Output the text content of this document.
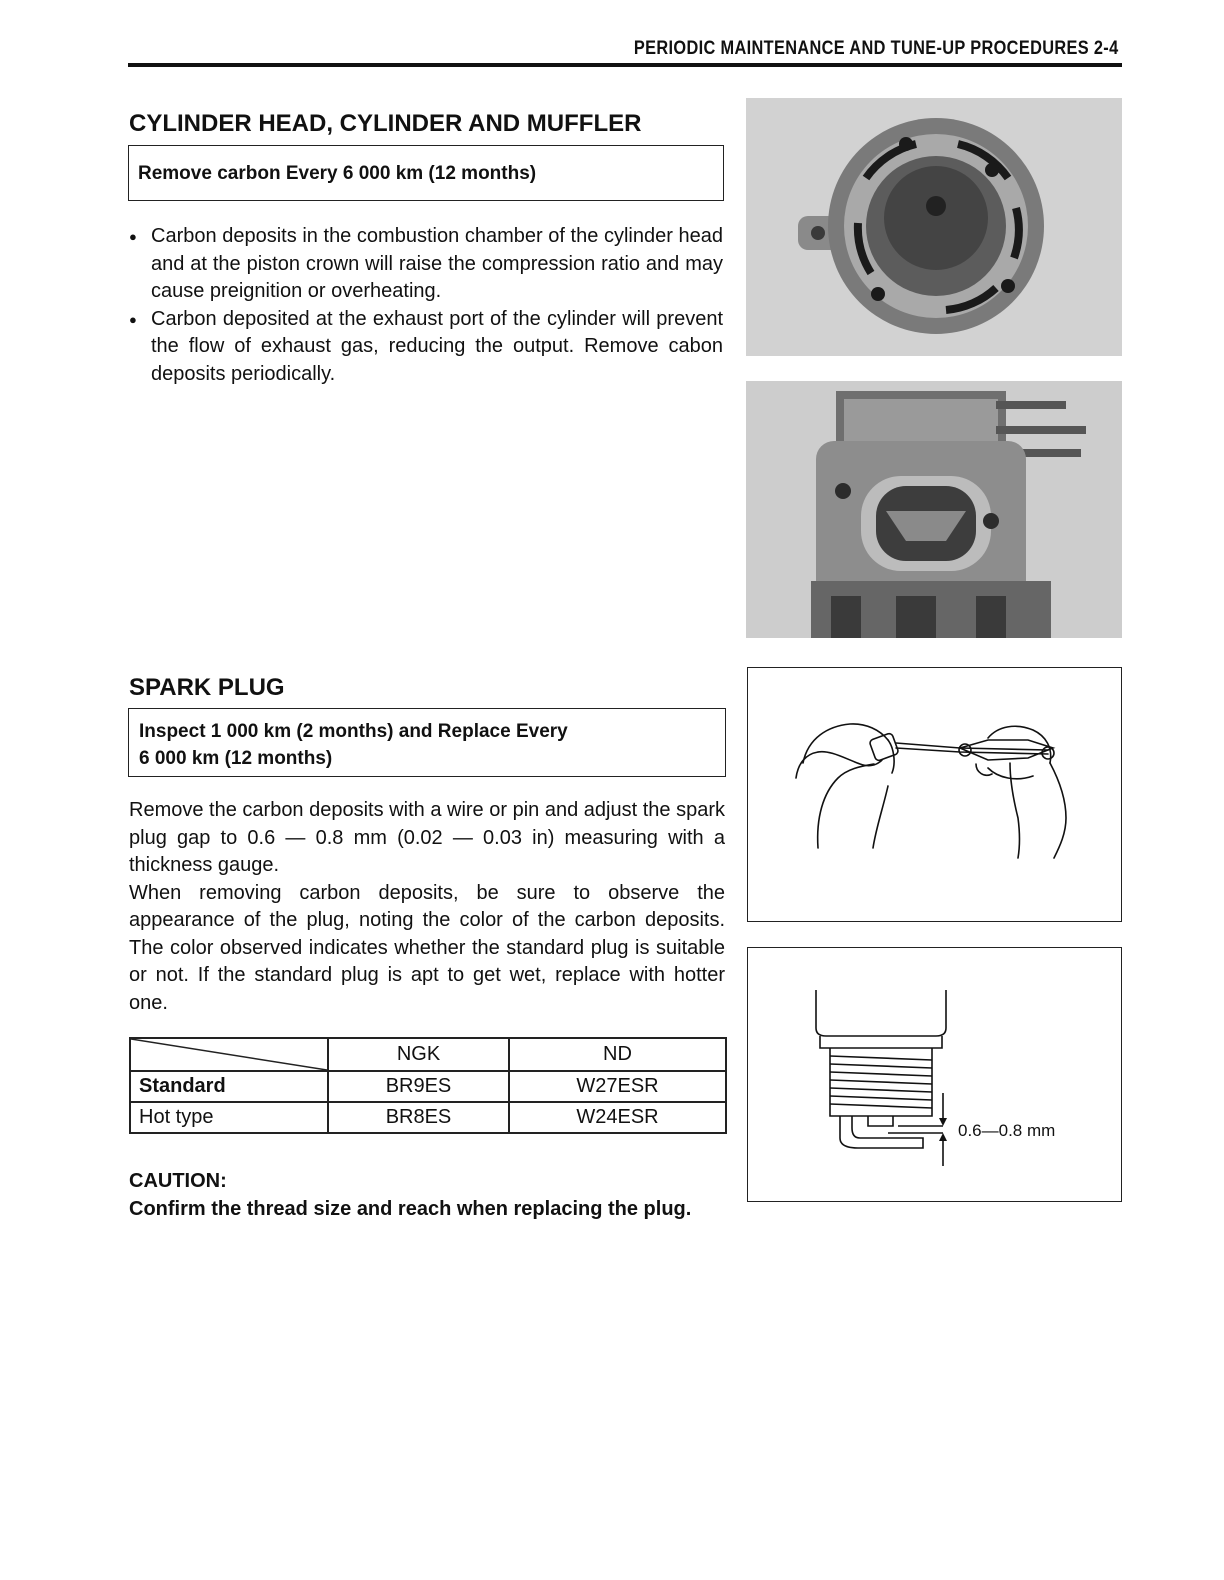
PERIODIC MAINTENANCE AND TUNE-UP PROCEDURES 2-4
CYLINDER HEAD, CYLINDER AND MUFFLER
Remove carbon Every 6 000 km (12 months)
● Carbon deposits in the combustion chamber of the cylinder head and at the piston crown will raise the compression ratio and may cause preignition or overheating.
● Carbon deposited at the exhaust port of the cylinder will prevent the flow of exhaust gas, reducing the output. Remove cabon deposits periodically.
SPARK PLUG
Inspect 1 000 km (2 months) and Replace Every
6 000 km (12 months)
Remove the carbon deposits with a wire or pin and adjust the spark plug gap to 0.6 — 0.8 mm (0.02 — 0.03 in) measuring with a thickness gauge.
When removing carbon deposits, be sure to observe the appearance of the plug, noting the color of the carbon deposits. The color observed indicates whether the standard plug is suitable or not. If the standard plug is apt to get wet, replace with hotter one.
	NGK	ND
Standard	BR9ES	W27ESR
Hot type	BR8ES	W24ESR
CAUTION:
Confirm the thread size and reach when replacing the plug.
0.6—0.8 mm
